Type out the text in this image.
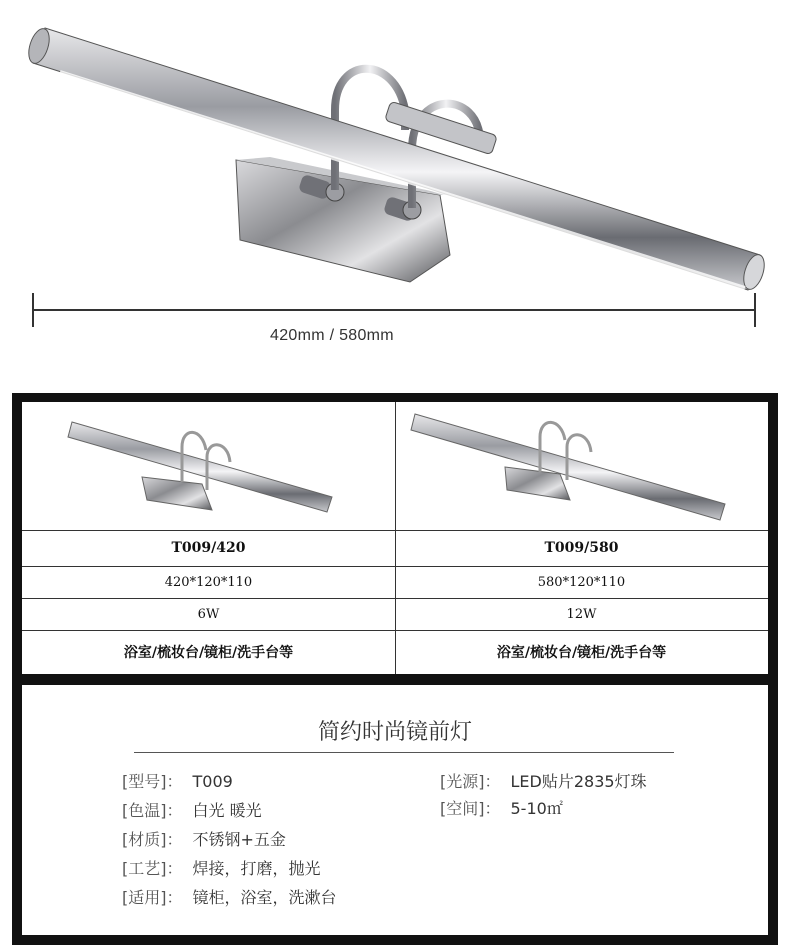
420mm / 580mm
T009/420	T009/580
420*120*110	580*120*110
6W	12W
浴室/梳妆台/镜柜/洗手台等	浴室/梳妆台/镜柜/洗手台等
简约时尚镜前灯
[型号]： T009
[色温]： 白光 暖光
[材质]： 不锈钢+五金
[工艺]： 焊接，打磨，抛光
[适用]： 镜柜，浴室，洗漱台
[光源]： LED贴片2835灯珠
[空间]： 5-10㎡
